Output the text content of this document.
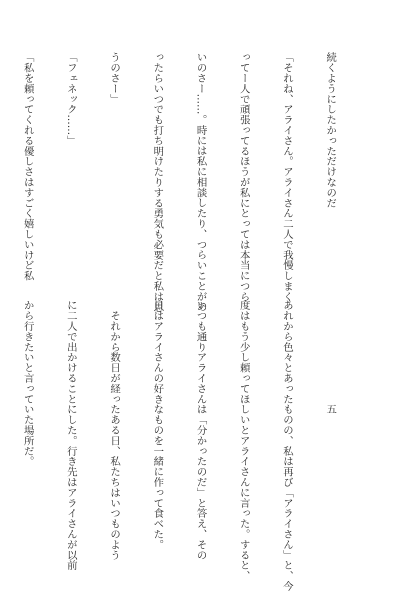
続くようにしたかっただけなのだ

「それね、アライさん。アライさん二人で我慢しまく

ってー人で頑張ってるほうが私にとっては本当につら

いのさー……。時には私に相談したり、つらいことがあ

ったらいつでも打ち明けたりする勇気も必要だと私は思

うのさー」

「フェネック……」

「私を頼ってくれる優しさはすごく嬉しいけど私

五

あれから色々とあったものの、私は再び「アライさん」と、今

度はもう少し頼ってほしいとアライさんに言った。すると、

いつも通りアライさんは「分かったのだ」と答え、その

日はアライさんの好きなものを一緒に作って食べた。

　それから数日が経ったある日、私たちはいつものよう

に二人で出かけることにした。行き先はアライさんが以前

から行きたいと言っていた場所だ。
